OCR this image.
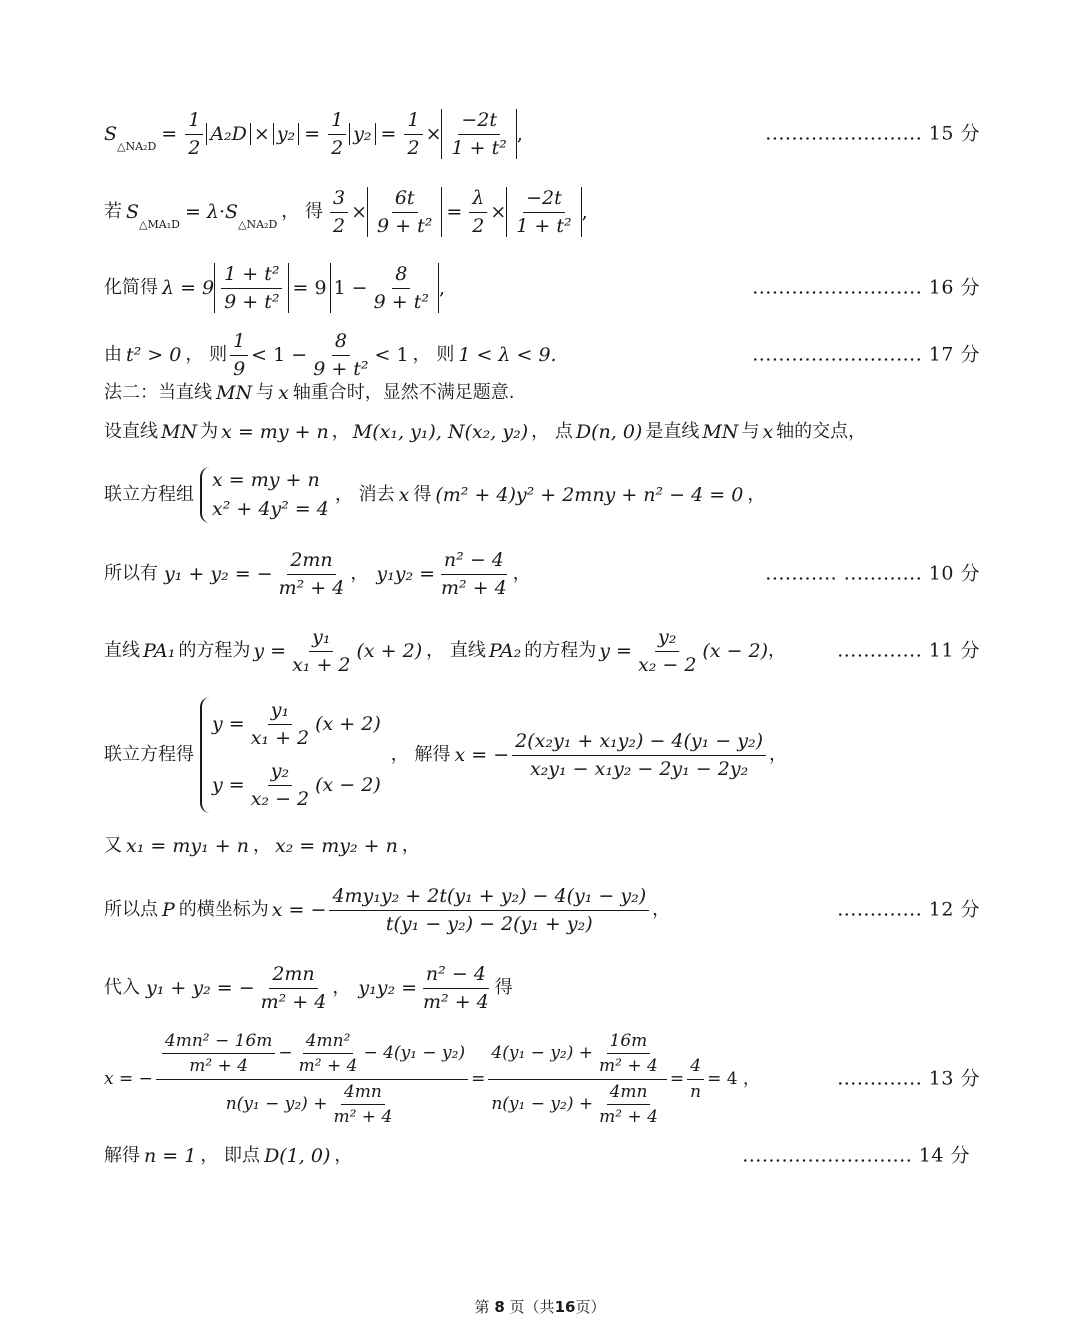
S
△NA₂D
= $\frac{1}{2} A_2D \times y_2 = \frac{1}{2} y_2 = \frac{1}{2} \times \frac{-2t}{\text{1 + t²}}$ ,	........................ 15 分
若 S
△MA₁D
= λ·S
△NA₂D
， 得 $\frac{3}{2} \times \frac{6t}{\text{9 + t²}} = \frac{\lambda}{2} \times \frac{-2t}{\text{1 + t²}}$ ,
化简得 $\lambda = 9 \frac{\text{1 + t²}}{\text{9 + t²}} = 9$ $1 - \frac{8}{\text{9 + t²}}$ ,	.......................... 16 分
由 t² > 0 ， 则 $\frac{1}{9} < 1 - \frac{8}{\text{9 + t²}} < 1$ ， 则 1 < λ < 9.	.......................... 17 分
法二：当直线 MN 与 x 轴重合时，显然不满足题意.
设直线 MN 为 x = my + n ， M(x₁, y₁), N(x₂, y₂) ， 点 D(n, 0) 是直线 MN 与 x 轴的交点，
联立方程组
x = my + n
x² + 4y² = 4
， 消去 x 得 (m² + 4)y² + 2mny + n² − 4 = 0 ，
所以有 y₁ + y₂ = − $\frac{2mn}{\text{m² + 4}}$ ， $y_1y_2 = \frac{\text{n² − 4}}{\text{m² + 4}}$ ，	........... ............ 10 分
直线 PA₁ 的方程为 $y = \frac{\text{y₁}}{\text{x₁ + 2}} (x + 2)$ ， 直线 PA₂ 的方程为 $y = \frac{\text{y₂}}{\text{x₂ − 2}} (x - 2)$ ，	............. 11 分
联立方程得
$y = \frac{\text{y₁}}{\text{x₁ + 2}} (x + 2)$
$y = \frac{\text{y₂}}{\text{x₂ − 2}} (x - 2)$
， 解得 x = − $\frac{\text{2(x₂y₁ + x₁y₂) − 4(y₁ − y₂)}}{\text{x₂y₁ − x₁y₂ − 2y₁ − 2y₂}}$ ，
又 x₁ = my₁ + n ， x₂ = my₂ + n ，
所以点 P 的横坐标为 x = − $\frac{\text{4my₁y₂ + 2t(y₁ + y₂) − 4(y₁ − y₂)}}{\text{t(y₁ − y₂) − 2(y₁ + y₂)}}$ ，	............. 12 分
代入 y₁ + y₂ = − $\frac{2mn}{\text{m² + 4}}$ ， $y_1y_2 = \frac{\text{n² − 4}}{\text{m² + 4}}$ 得
x = −
$\frac{\text{4mn² − 16m}}{\text{m² + 4}} - \frac{\text{4mn²}}{\text{m² + 4}} - 4(y_1 - y_2)$
$n(y_1 - y_2) + \frac{4mn}{\text{m² + 4}}$
= $\frac{4(y_1 - y_2) + \frac{16m}{\text{m² + 4}}}{n(y_1 - y_2) + \frac{4mn}{\text{m² + 4}}} = \frac{4}{n} = 4$ ，	............. 13 分
解得 n = 1 ， 即点 D(1, 0) ，	.......................... 14 分
第 8 页（共16页）
